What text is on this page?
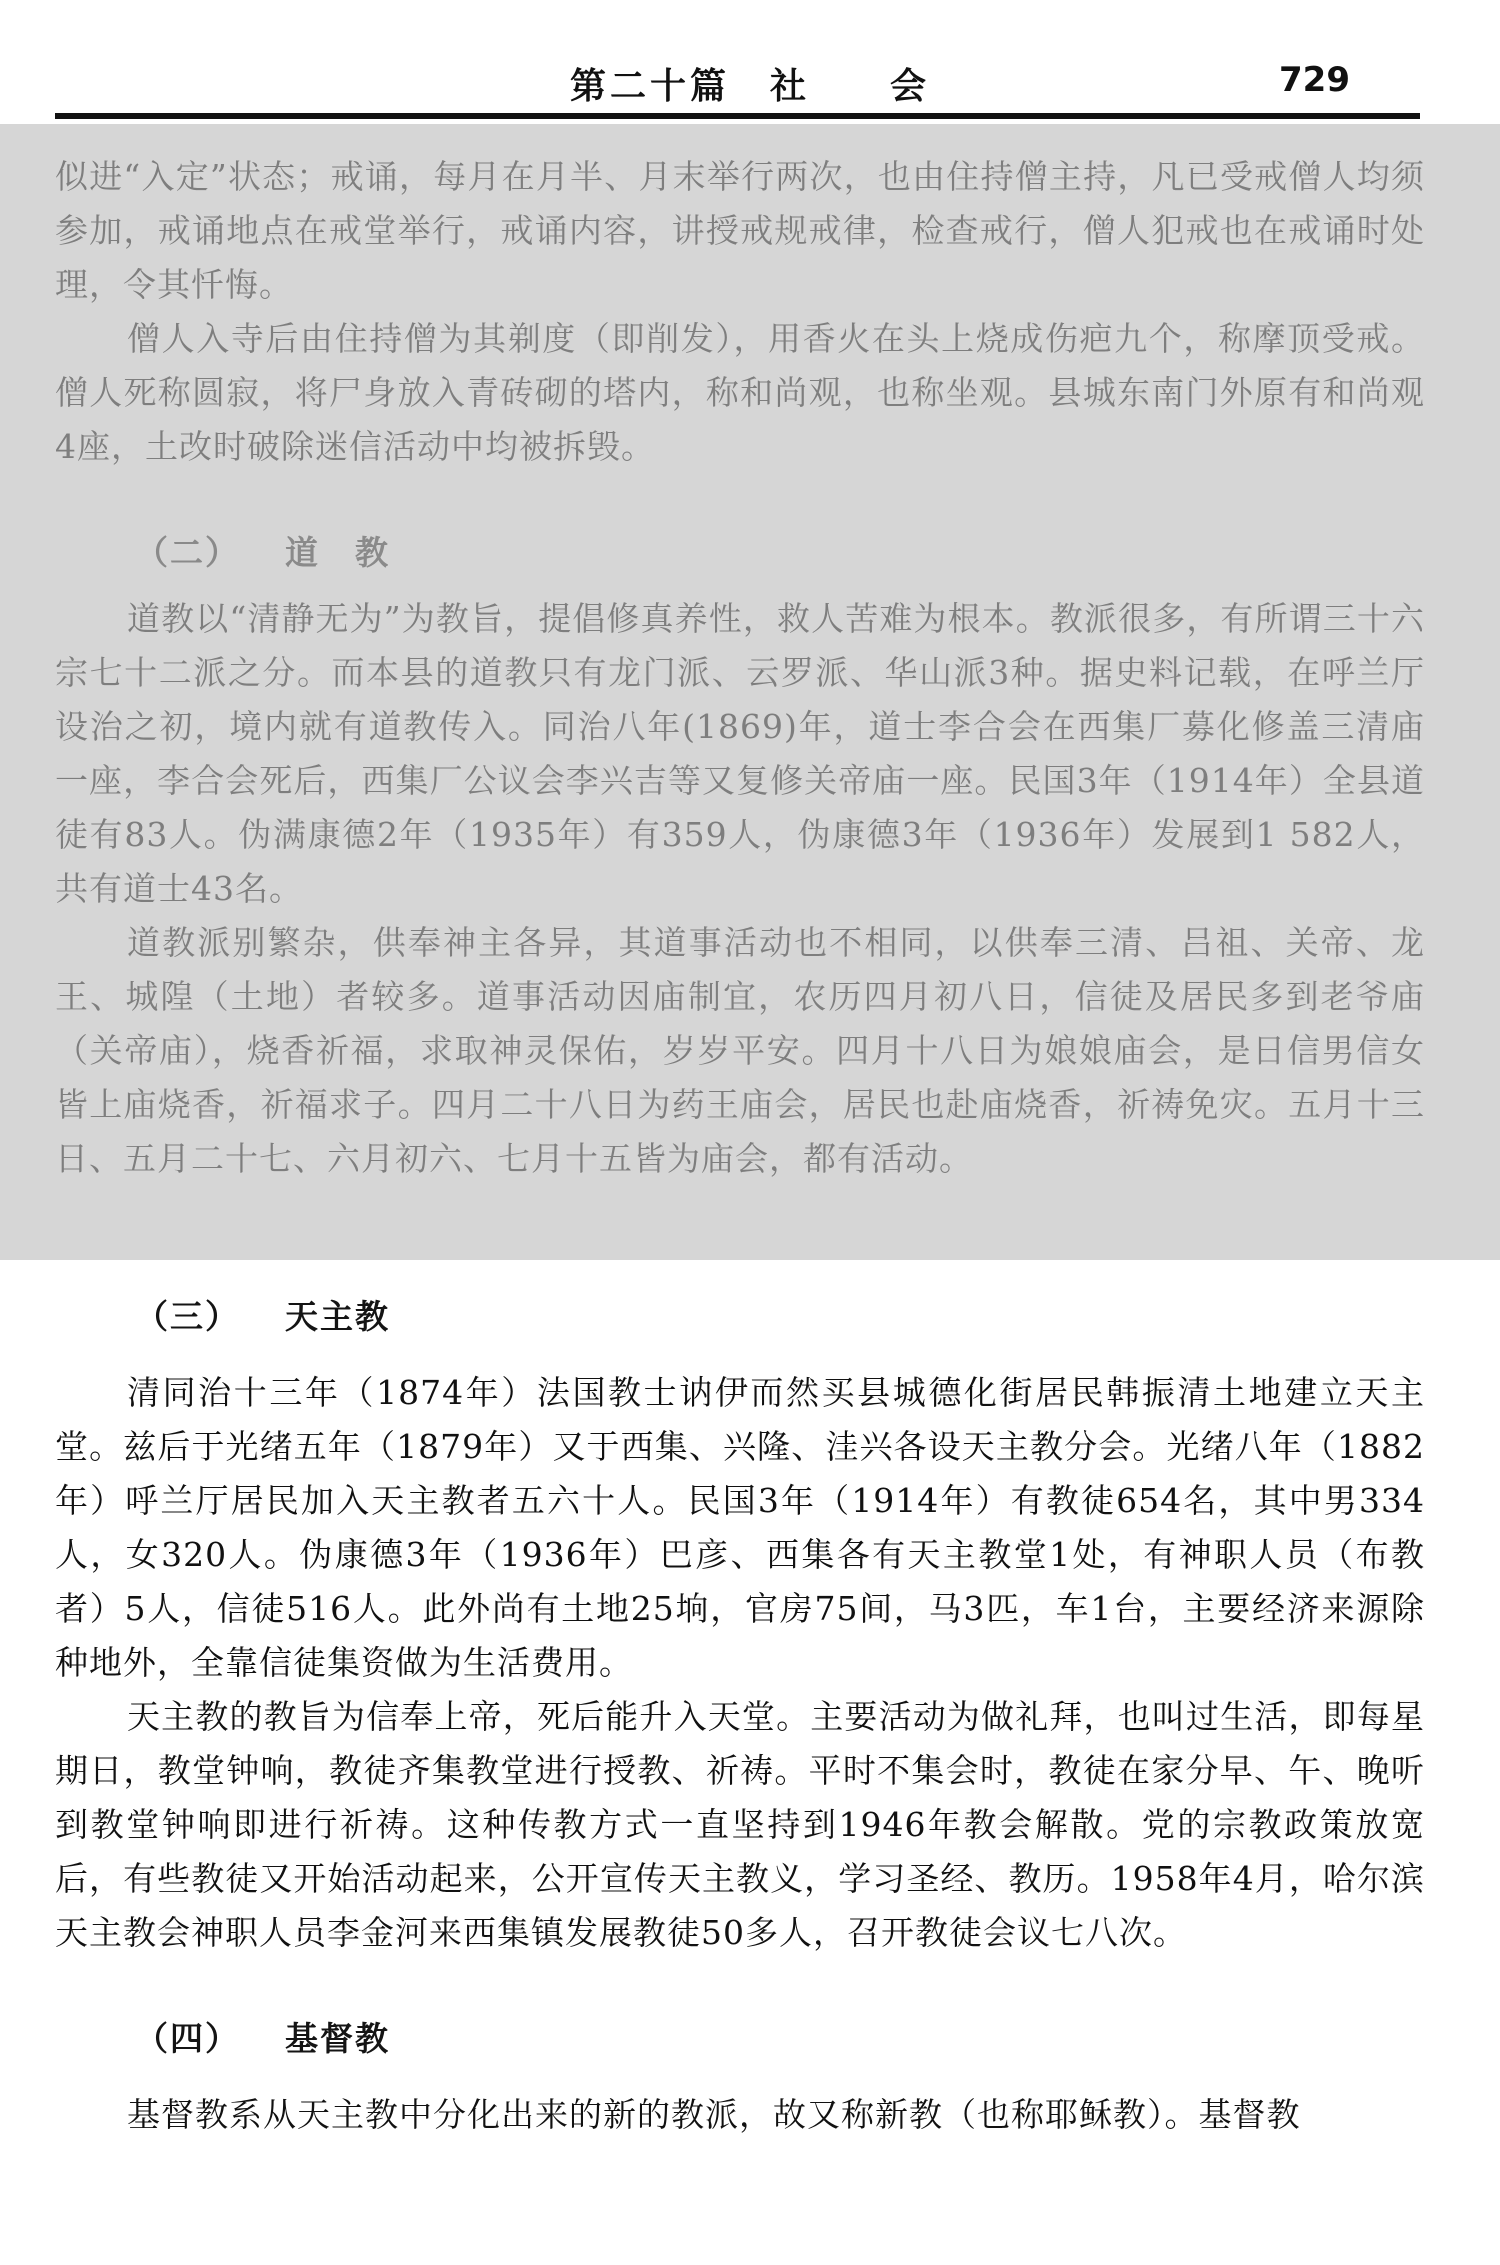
第二十篇　社　　会	729

似进“入定”状态；戒诵，每月在月半、月末举行两次，也由住持僧主持，凡已受戒僧人均须参加，戒诵地点在戒堂举行，戒诵内容，讲授戒规戒律，检查戒行，僧人犯戒也在戒诵时处理，令其忏悔。

僧人入寺后由住持僧为其剃度（即削发），用香火在头上烧成伤疤九个，称摩顶受戒。僧人死称圆寂，将尸身放入青砖砌的塔内，称和尚观，也称坐观。县城东南门外原有和尚观4座，土改时破除迷信活动中均被拆毁。

（二） 道　教

道教以“清静无为”为教旨，提倡修真养性，救人苦难为根本。教派很多，有所谓三十六宗七十二派之分。而本县的道教只有龙门派、云罗派、华山派3种。据史料记载，在呼兰厅设治之初，境内就有道教传入。同治八年(1869)年，道士李合会在西集厂募化修盖三清庙一座，李合会死后，西集厂公议会李兴吉等又复修关帝庙一座。民国3年（1914年）全县道徒有83人。伪满康德2年（1935年）有359人，伪康德3年（1936年）发展到1 582人，共有道士43名。

道教派别繁杂，供奉神主各异，其道事活动也不相同，以供奉三清、吕祖、关帝、龙王、城隍（土地）者较多。道事活动因庙制宜，农历四月初八日，信徒及居民多到老爷庙（关帝庙），烧香祈福，求取神灵保佑，岁岁平安。四月十八日为娘娘庙会，是日信男信女皆上庙烧香，祈福求子。四月二十八日为药王庙会，居民也赴庙烧香，祈祷免灾。五月十三日、五月二十七、六月初六、七月十五皆为庙会，都有活动。

（三） 天主教

清同治十三年（1874年）法国教士讷伊而然买县城德化街居民韩振清土地建立天主堂。兹后于光绪五年（1879年）又于西集、兴隆、洼兴各设天主教分会。光绪八年（1882年）呼兰厅居民加入天主教者五六十人。民国3年（1914年）有教徒654名，其中男334人，女320人。伪康德3年（1936年）巴彦、西集各有天主教堂1处，有神职人员（布教者）5人，信徒516人。此外尚有土地25垧，官房75间，马3匹，车1台，主要经济来源除种地外，全靠信徒集资做为生活费用。

天主教的教旨为信奉上帝，死后能升入天堂。主要活动为做礼拜，也叫过生活，即每星期日，教堂钟响，教徒齐集教堂进行授教、祈祷。平时不集会时，教徒在家分早、午、晚听到教堂钟响即进行祈祷。这种传教方式一直坚持到1946年教会解散。党的宗教政策放宽后，有些教徒又开始活动起来，公开宣传天主教义，学习圣经、教历。1958年4月，哈尔滨天主教会神职人员李金河来西集镇发展教徒50多人，召开教徒会议七八次。

（四） 基督教

基督教系从天主教中分化出来的新的教派，故又称新教（也称耶稣教）。基督教
